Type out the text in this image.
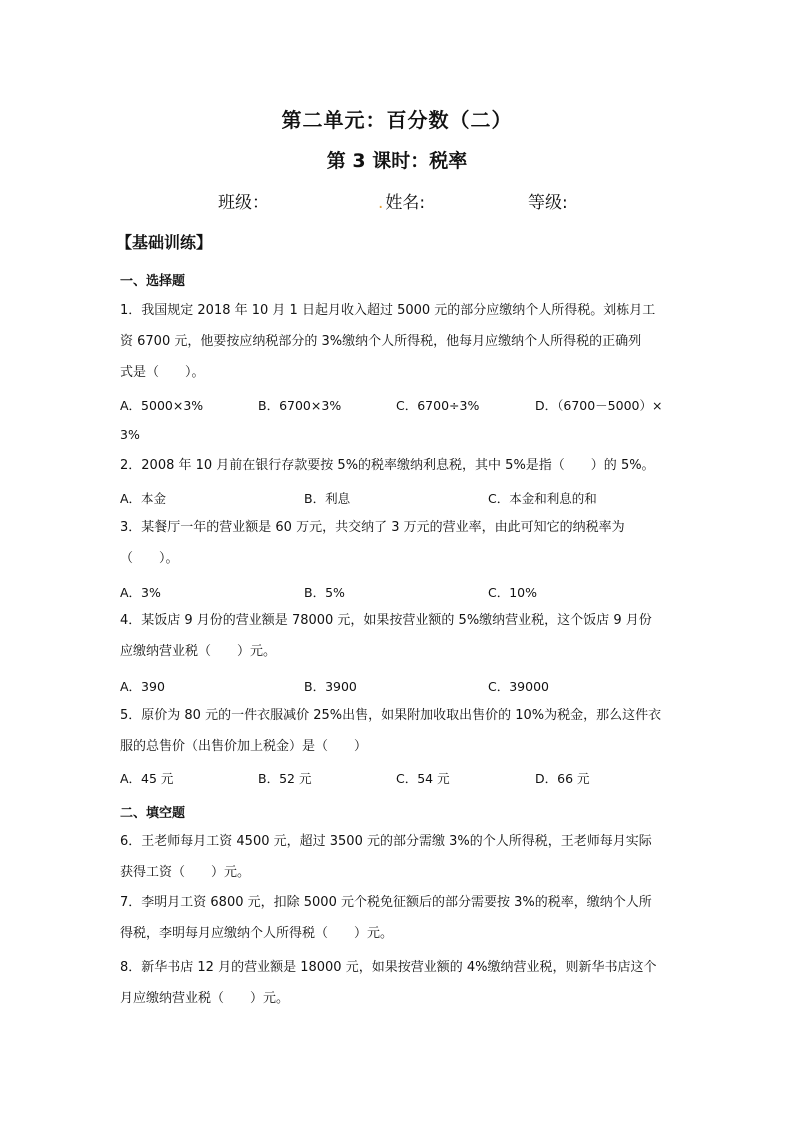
第二单元：百分数（二）
第 3 课时：税率
班级：	. 姓名:	等级:
【基础训练】
一、选择题
1．我国规定 2018 年 10 月 1 日起月收入超过 5000 元的部分应缴纳个人所得税。刘栋月工
资 6700 元，他要按应纳税部分的 3%缴纳个人所得税，他每月应缴纳个人所得税的正确列
式是（　　）。
A．5000×3%	B．6700×3%	C．6700÷3%	D．（6700－5000）×
3%
2．2008 年 10 月前在银行存款要按 5%的税率缴纳利息税，其中 5%是指（　　）的 5%。
A．本金	B．利息	C．本金和利息的和
3．某餐厅一年的营业额是 60 万元，共交纳了 3 万元的营业率，由此可知它的纳税率为
（　　）。
A．3%	B．5%	C．10%
4．某饭店 9 月份的营业额是 78000 元，如果按营业额的 5%缴纳营业税，这个饭店 9 月份
应缴纳营业税（　　）元。
A．390	B．3900	C．39000
5．原价为 80 元的一件衣服减价 25%出售，如果附加收取出售价的 10%为税金，那么这件衣
服的总售价（出售价加上税金）是（　　）
A．45 元	B．52 元	C．54 元	D．66 元
二、填空题
6．王老师每月工资 4500 元，超过 3500 元的部分需缴 3%的个人所得税，王老师每月实际
获得工资（　　）元。
7．李明月工资 6800 元，扣除 5000 元个税免征额后的部分需要按 3%的税率，缴纳个人所
得税，李明每月应缴纳个人所得税（　　）元。
8．新华书店 12 月的营业额是 18000 元，如果按营业额的 4%缴纳营业税，则新华书店这个
月应缴纳营业税（　　）元。
